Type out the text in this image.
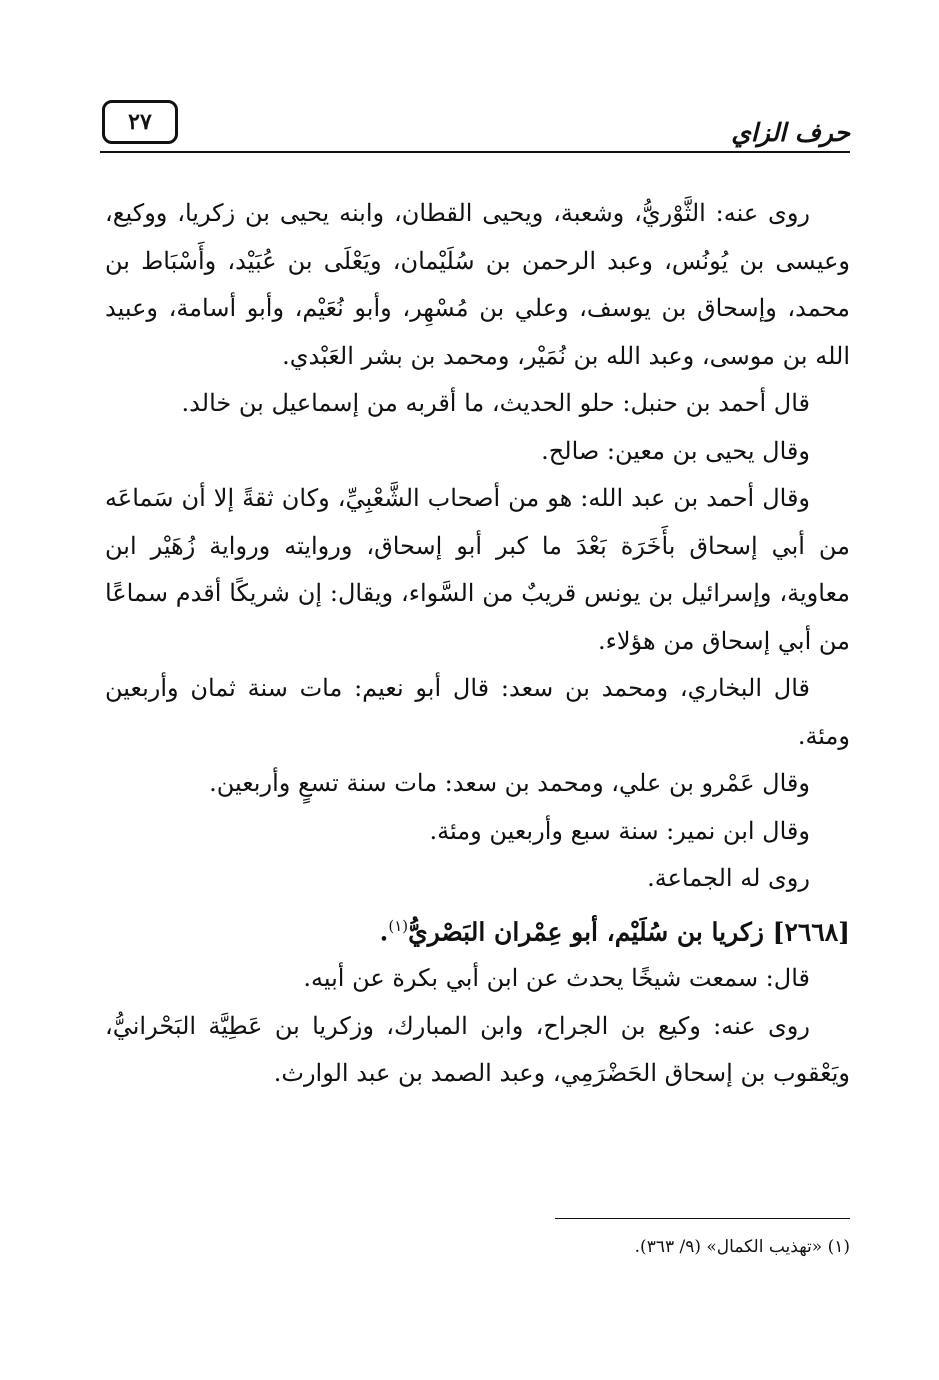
٢٧	حرف الزاي

روى عنه: الثَّوْريُّ، وشعبة، ويحيى القطان، وابنه يحيى بن زكريا، ووكيع، وعيسى بن يُونُس، وعبد الرحمن بن سُلَيْمان، ويَعْلَى بن عُبَيْد، وأَسْبَاط بن محمد، وإسحاق بن يوسف، وعلي بن مُسْهِر، وأبو نُعَيْم، وأبو أسامة، وعبيد الله بن موسى، وعبد الله بن نُمَيْر، ومحمد بن بشر العَبْدي.

قال أحمد بن حنبل: حلو الحديث، ما أقربه من إسماعيل بن خالد.

وقال يحيى بن معين: صالح.

وقال أحمد بن عبد الله: هو من أصحاب الشَّعْبِيِّ، وكان ثقةً إلا أن سَماعَه من أبي إسحاق بأَخَرَة بَعْدَ ما كبر أبو إسحاق، وروايته ورواية زُهَيْر ابن معاوية، وإسرائيل بن يونس قريبٌ من السَّواء، ويقال: إن شريكًا أقدم سماعًا من أبي إسحاق من هؤلاء.

قال البخاري، ومحمد بن سعد: قال أبو نعيم: مات سنة ثمان وأربعين ومئة.

وقال عَمْرو بن علي، ومحمد بن سعد: مات سنة تسعٍ وأربعين.

وقال ابن نمير: سنة سبع وأربعين ومئة.

روى له الجماعة.

[٢٦٦٨] زكريا بن سُلَيْم، أبو عِمْران البَصْريُّ$^{(١)}$.

قال: سمعت شيخًا يحدث عن ابن أبي بكرة عن أبيه.

روى عنه: وكيع بن الجراح، وابن المبارك، وزكريا بن عَطِيَّة البَحْرانيُّ، ويَعْقوب بن إسحاق الحَضْرَمِي، وعبد الصمد بن عبد الوارث.

(١) «تهذيب الكمال» (٩/ ٣٦٣).
